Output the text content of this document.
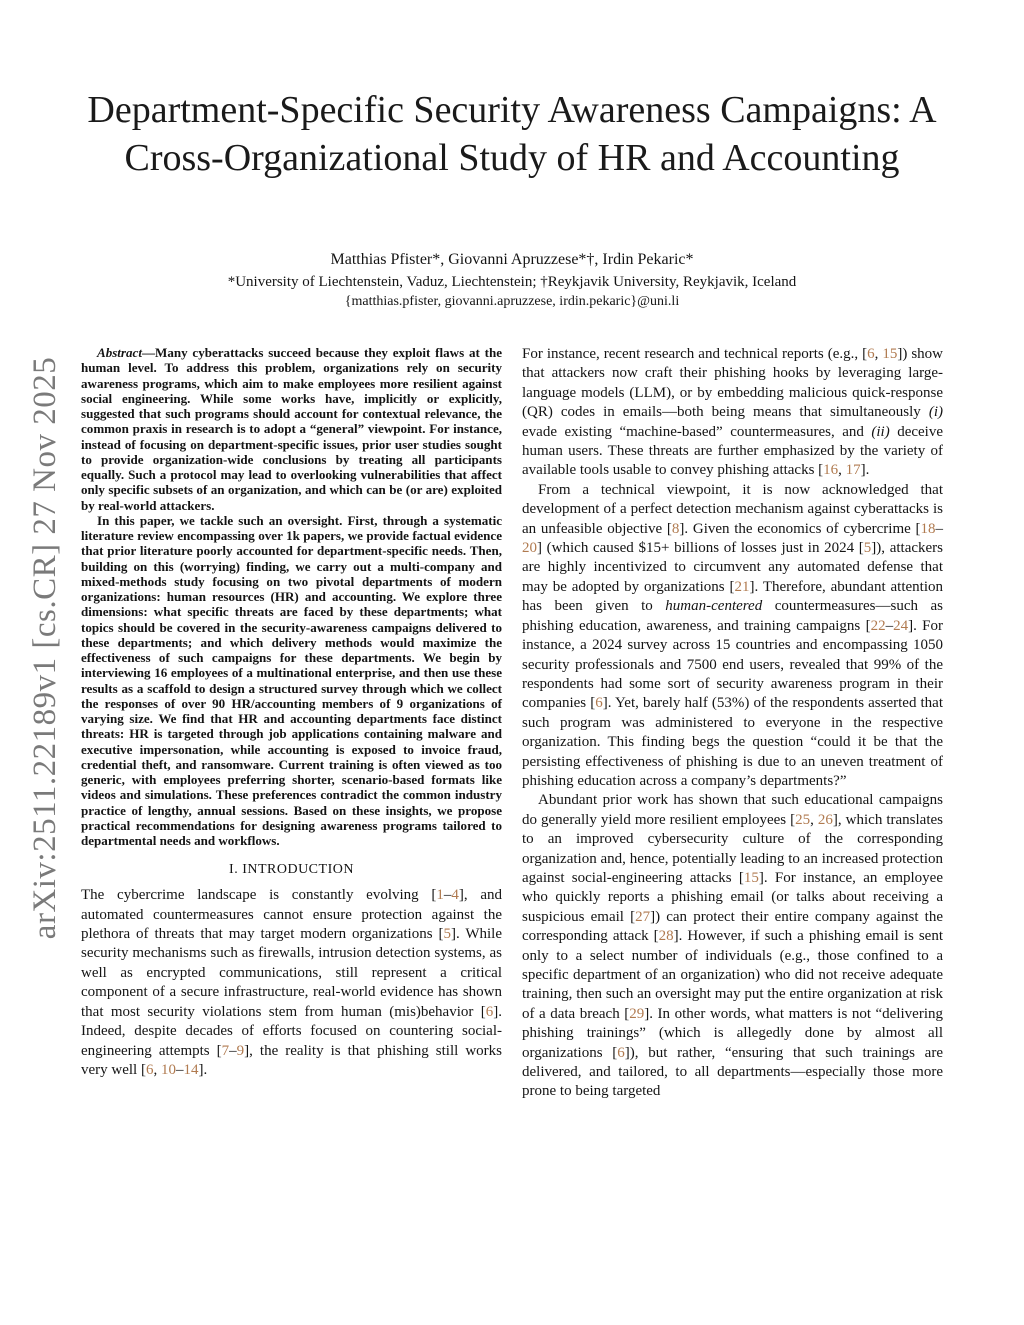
arXiv:2511.22189v1 [cs.CR] 27 Nov 2025
Department-Specific Security Awareness Campaigns: A Cross-Organizational Study of HR and Accounting
Matthias Pfister*, Giovanni Apruzzese*†, Irdin Pekaric*
*University of Liechtenstein, Vaduz, Liechtenstein; †Reykjavik University, Reykjavik, Iceland
{matthias.pfister, giovanni.apruzzese, irdin.pekaric}@uni.li

Abstract—Many cyberattacks succeed because they exploit flaws at the human level. To address this problem, organizations rely on security awareness programs, which aim to make employees more resilient against social engineering. While some works have, implicitly or explicitly, suggested that such programs should account for contextual relevance, the common praxis in research is to adopt a “general” viewpoint. For instance, instead of focusing on department-specific issues, prior user studies sought to provide organization-wide conclusions by treating all participants equally. Such a protocol may lead to overlooking vulnerabilities that affect only specific subsets of an organization, and which can be (or are) exploited by real-world attackers.

In this paper, we tackle such an oversight. First, through a systematic literature review encompassing over 1k papers, we provide factual evidence that prior literature poorly accounted for department-specific needs. Then, building on this (worrying) finding, we carry out a multi-company and mixed-methods study focusing on two pivotal departments of modern organizations: human resources (HR) and accounting. We explore three dimensions: what specific threats are faced by these departments; what topics should be covered in the security-awareness campaigns delivered to these departments; and which delivery methods would maximize the effectiveness of such campaigns for these departments. We begin by interviewing 16 employees of a multinational enterprise, and then use these results as a scaffold to design a structured survey through which we collect the responses of over 90 HR/accounting members of 9 organizations of varying size. We find that HR and accounting departments face distinct threats: HR is targeted through job applications containing malware and executive impersonation, while accounting is exposed to invoice fraud, credential theft, and ransomware. Current training is often viewed as too generic, with employees preferring shorter, scenario-based formats like videos and simulations. These preferences contradict the common industry practice of lengthy, annual sessions. Based on these insights, we propose practical recommendations for designing awareness programs tailored to departmental needs and workflows.

I. INTRODUCTION

The cybercrime landscape is constantly evolving [1–4], and automated countermeasures cannot ensure protection against the plethora of threats that may target modern organizations [5]. While security mechanisms such as firewalls, intrusion detection systems, as well as encrypted communications, still represent a critical component of a secure infrastructure, real-world evidence has shown that most security violations stem from human (mis)behavior [6]. Indeed, despite decades of efforts focused on countering social-engineering attempts [7–9], the reality is that phishing still works very well [6, 10–14].

For instance, recent research and technical reports (e.g., [6, 15]) show that attackers now craft their phishing hooks by leveraging large-language models (LLM), or by embedding malicious quick-response (QR) codes in emails—both being means that simultaneously (i) evade existing “machine-based” countermeasures, and (ii) deceive human users. These threats are further emphasized by the variety of available tools usable to convey phishing attacks [16, 17].

From a technical viewpoint, it is now acknowledged that development of a perfect detection mechanism against cyberattacks is an unfeasible objective [8]. Given the economics of cybercrime [18–20] (which caused $15+ billions of losses just in 2024 [5]), attackers are highly incentivized to circumvent any automated defense that may be adopted by organizations [21]. Therefore, abundant attention has been given to human-centered countermeasures—such as phishing education, awareness, and training campaigns [22–24]. For instance, a 2024 survey across 15 countries and encompassing 1050 security professionals and 7500 end users, revealed that 99% of the respondents had some sort of security awareness program in their companies [6]. Yet, barely half (53%) of the respondents asserted that such program was administered to everyone in the respective organization. This finding begs the question “could it be that the persisting effectiveness of phishing is due to an uneven treatment of phishing education across a company’s departments?”

Abundant prior work has shown that such educational campaigns do generally yield more resilient employees [25, 26], which translates to an improved cybersecurity culture of the corresponding organization and, hence, potentially leading to an increased protection against social-engineering attacks [15]. For instance, an employee who quickly reports a phishing email (or talks about receiving a suspicious email [27]) can protect their entire company against the corresponding attack [28]. However, if such a phishing email is sent only to a select number of individuals (e.g., those confined to a specific department of an organization) who did not receive adequate training, then such an oversight may put the entire organization at risk of a data breach [29]. In other words, what matters is not “delivering phishing trainings” (which is allegedly done by almost all organizations [6]), but rather, “ensuring that such trainings are delivered, and tailored, to all departments—especially those more prone to being targeted
